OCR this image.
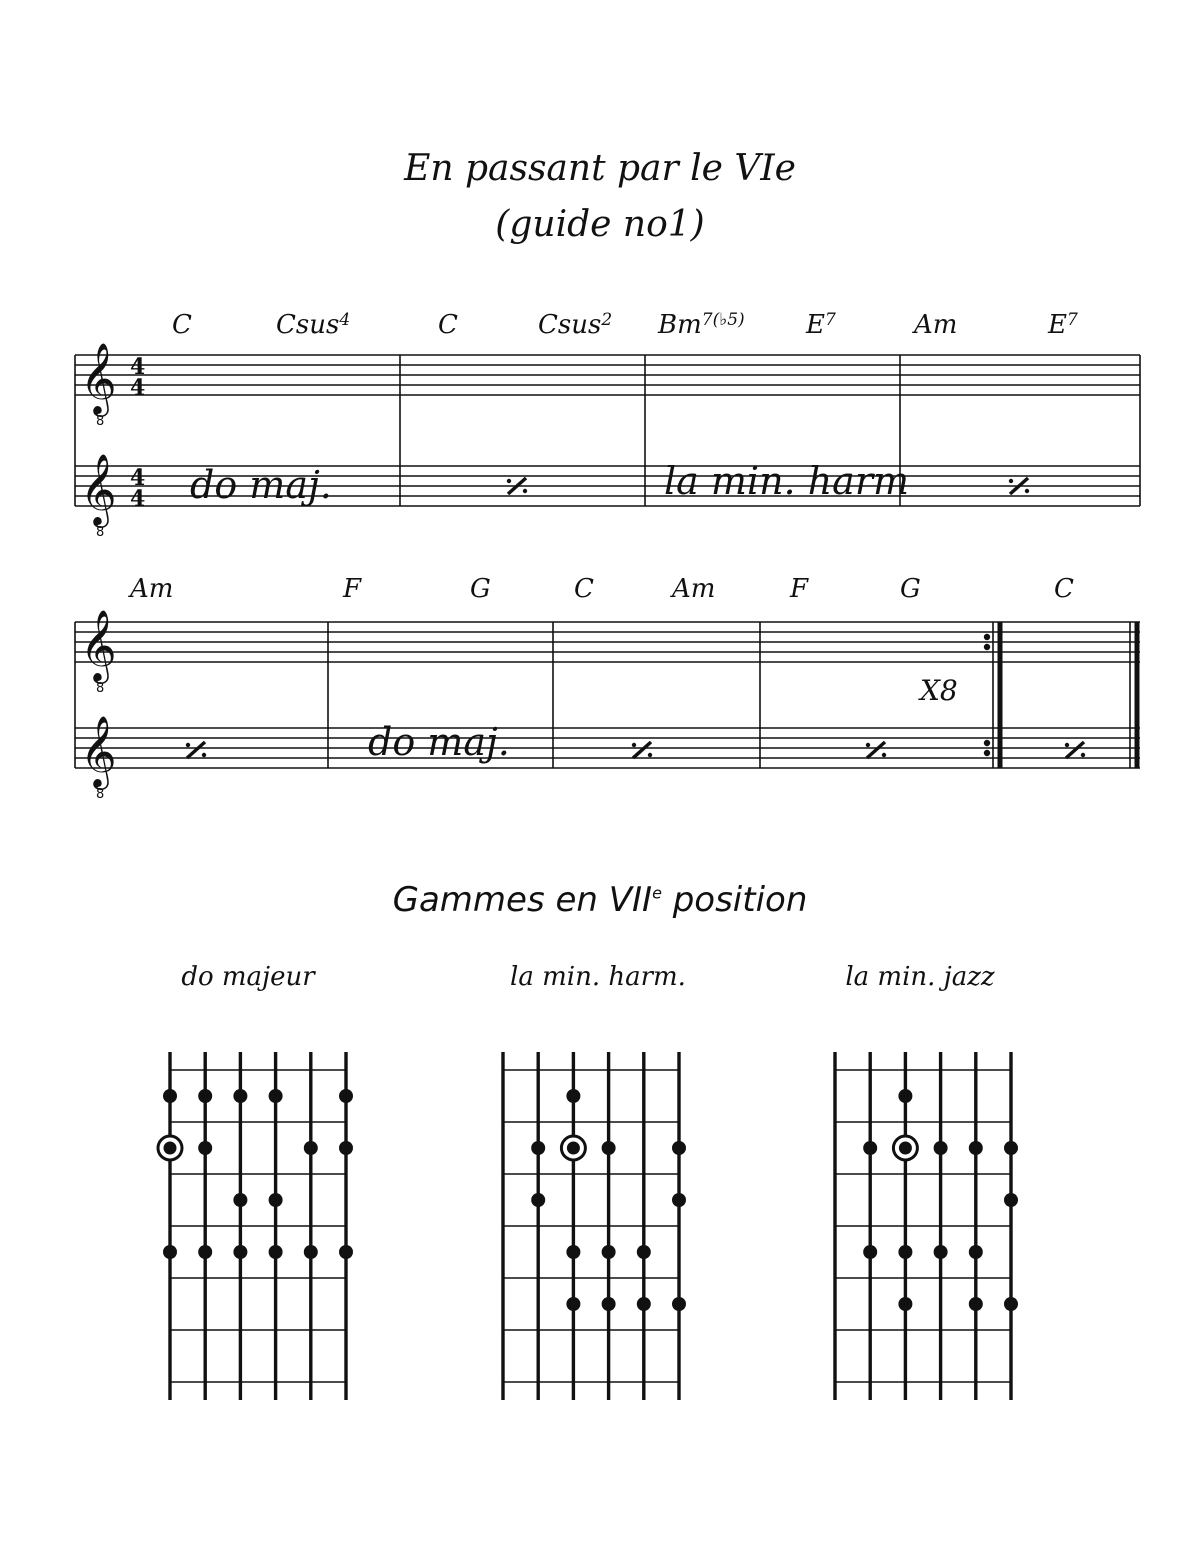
En passant par le VIe
(guide no1)
𝄞
8
4
4
𝄞
8
4
4
𝄞
8
𝄞
8
C	Csus$^4$	C	Csus$^2$ $Bm^{7(♭5)}$ $E^7$	Am	$E^7$
Am	F	G	C	Am	F	G	C
do maj.	la min. harm
do maj.
X8
Gammes en VIIe position
do majeur	la min. harm.	la min. jazz
